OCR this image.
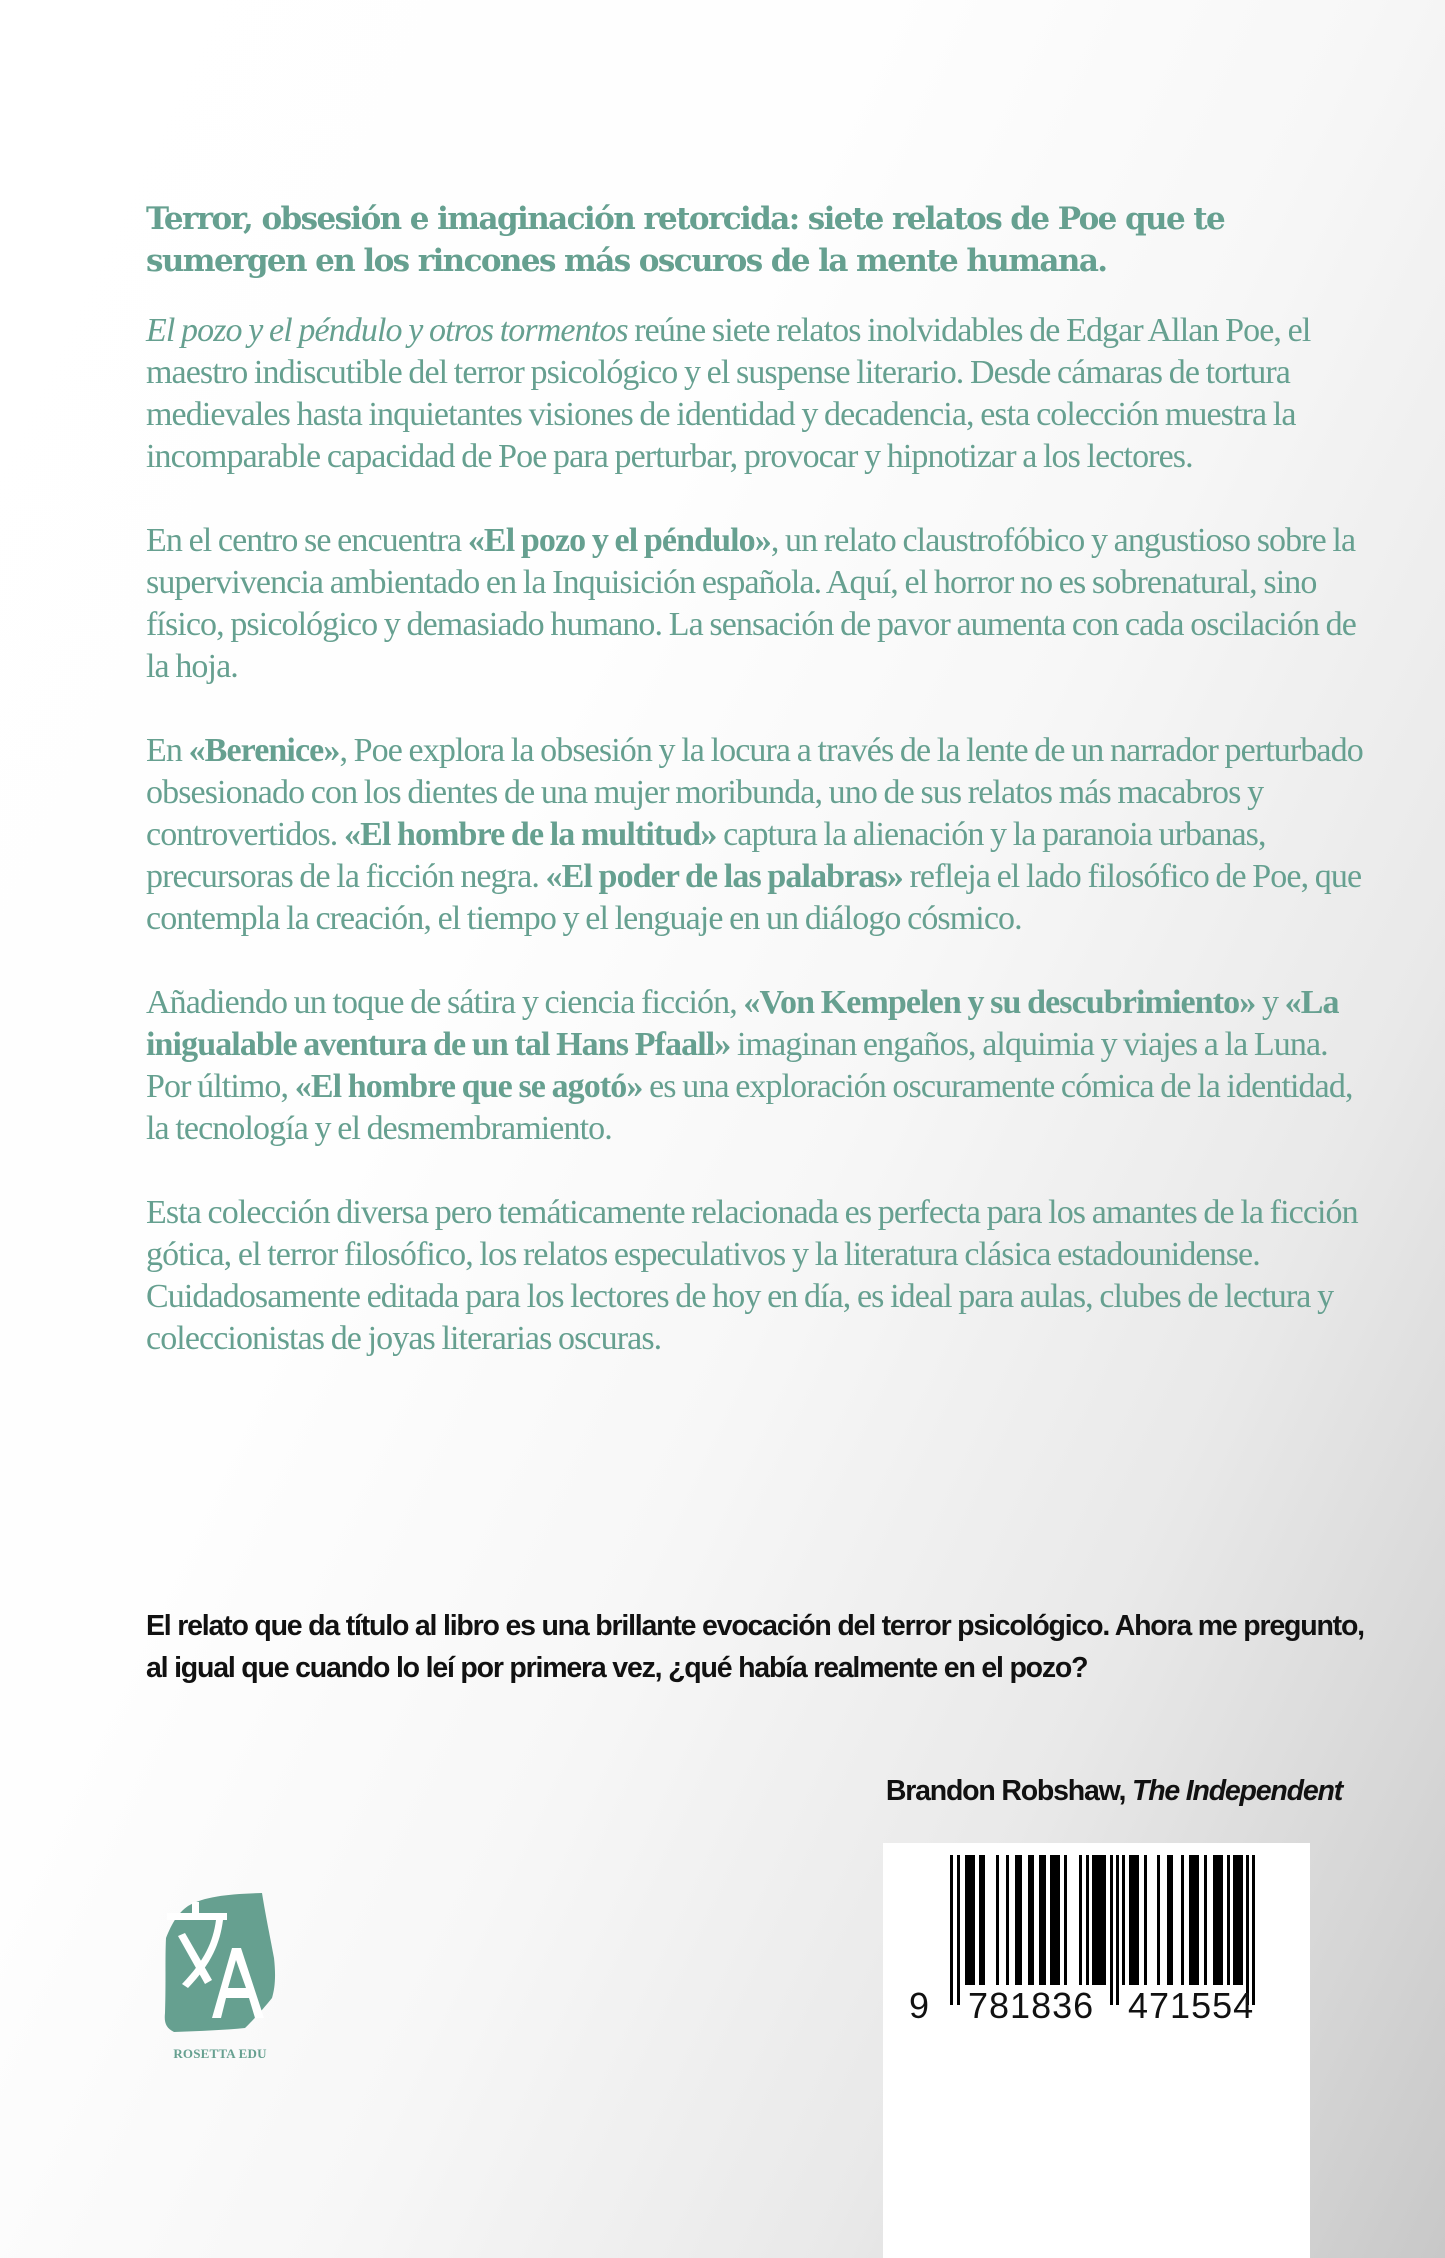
Terror, obsesión e imaginación retorcida: siete relatos de Poe que te sumergen en los rincones más oscuros de la mente humana.

El pozo y el péndulo y otros tormentos reúne siete relatos inolvidables de Edgar Allan Poe, el maestro indiscutible del terror psicológico y el suspense literario. Desde cámaras de tortura medievales hasta inquietantes visiones de identidad y decadencia, esta colección muestra la incomparable capacidad de Poe para perturbar, provocar y hipnotizar a los lectores.

En el centro se encuentra «El pozo y el péndulo», un relato claustrofóbico y angustioso sobre la supervivencia ambientado en la Inquisición española. Aquí, el horror no es sobrenatural, sino físico, psicológico y demasiado humano. La sensación de pavor aumenta con cada oscilación de la hoja.

En «Berenice», Poe explora la obsesión y la locura a través de la lente de un narrador perturbado obsesionado con los dientes de una mujer moribunda, uno de sus relatos más macabros y controvertidos. «El hombre de la multitud» captura la alienación y la paranoia urbanas, precursoras de la ficción negra. «El poder de las palabras» refleja el lado filosófico de Poe, que contempla la creación, el tiempo y el lenguaje en un diálogo cósmico.

Añadiendo un toque de sátira y ciencia ficción, «Von Kempelen y su descubrimiento» y «La inigualable aventura de un tal Hans Pfaall» imaginan engaños, alquimia y viajes a la Luna. Por último, «El hombre que se agotó» es una exploración oscuramente cómica de la identidad, la tecnología y el desmembramiento.

Esta colección diversa pero temáticamente relacionada es perfecta para los amantes de la ficción gótica, el terror filosófico, los relatos especulativos y la literatura clásica estadounidense. Cuidadosamente editada para los lectores de hoy en día, es ideal para aulas, clubes de lectura y coleccionistas de joyas literarias oscuras.

El relato que da título al libro es una brillante evocación del terror psicológico. Ahora me pregunto, al igual que cuando lo leí por primera vez, ¿qué había realmente en el pozo?

Brandon Robshaw, The Independent
ROSETTA EDU
9 781836 471554
